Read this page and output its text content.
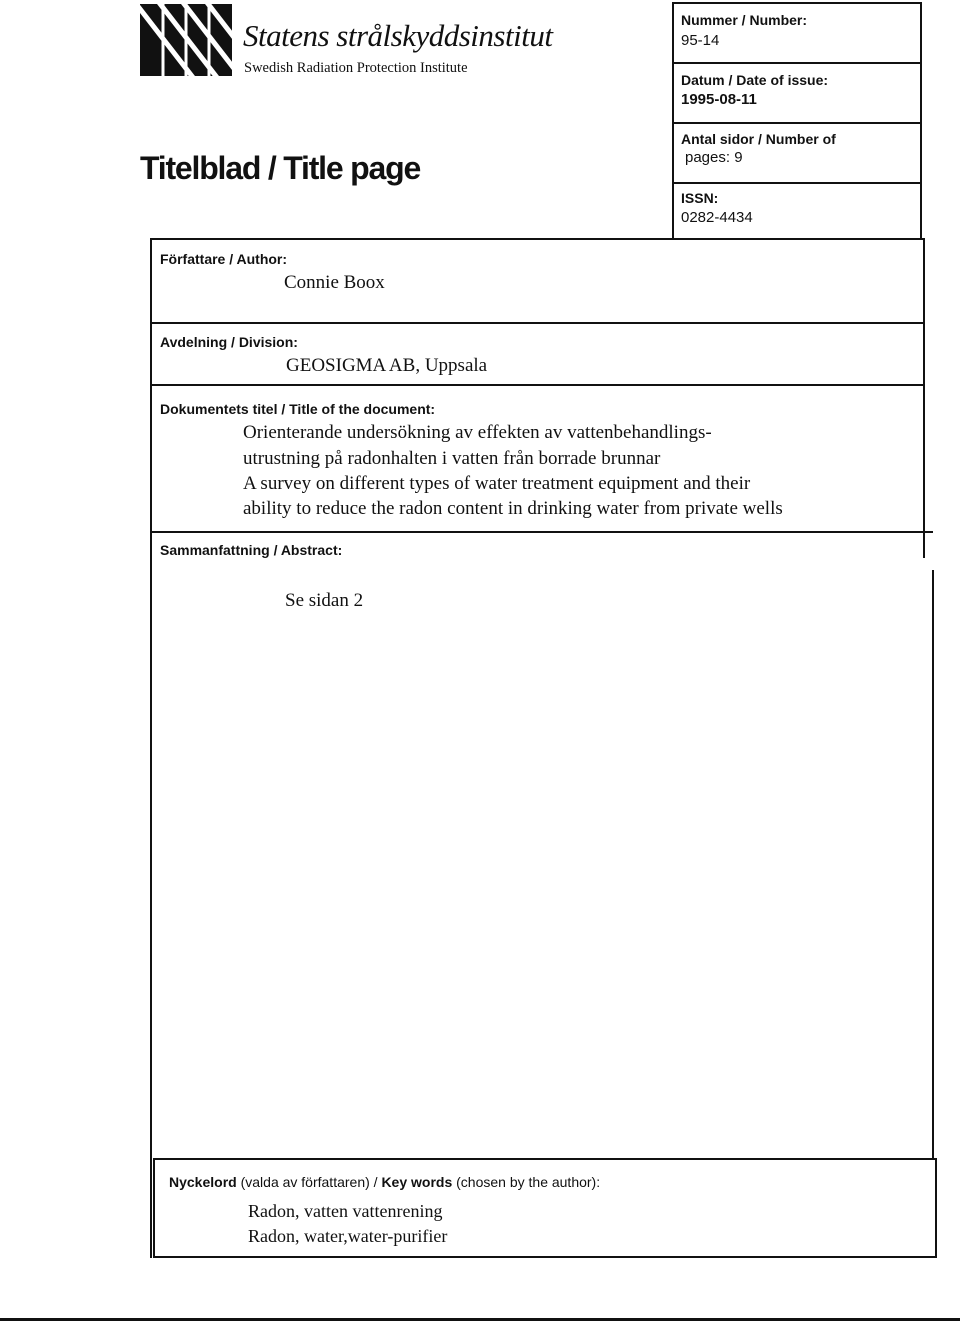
Statens strålskyddsinstitut
Swedish Radiation Protection Institute
Titelblad / Title page
Nummer / Number:
95-14
Datum / Date of issue:
1995-08-11
Antal sidor / Number of
pages: 9
ISSN:
0282-4434
Författare / Author:
Connie Boox
Avdelning / Division:
GEOSIGMA AB, Uppsala
Dokumentets titel / Title of the document:
Orienterande undersökning av effekten av vattenbehandlings-
utrustning på radonhalten i vatten från borrade brunnar
A survey on different types of water treatment equipment and their
ability to reduce the radon content in drinking water from private wells
Sammanfattning / Abstract:
Se sidan 2
Nyckelord (valda av författaren) / Key words (chosen by the author):
Radon, vatten vattenrening
Radon, water,water-purifier
